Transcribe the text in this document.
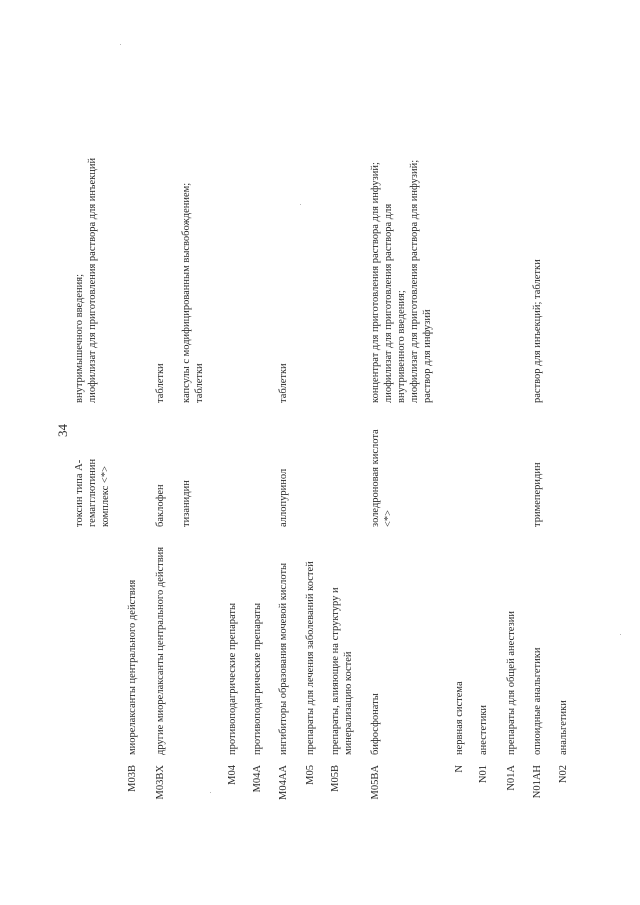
34
токсин типа А-гемагглютинин комплекс <*>
внутримышечного введения;
лиофилизат для приготовления раствора для инъекций
M03B
миорелаксанты центрального действия
M03BX
другие миорелаксанты центрального действия
баклофен
таблетки
тизанидин
капсулы с модифицированным высвобождением;
таблетки
M04
противоподагрические препараты
M04A
противоподагрические препараты
M04AA
ингибиторы образования мочевой кислоты
аллопуринол
таблетки
M05
препараты для лечения заболеваний костей
M05B
препараты, влияющие на структуру и
минерализацию костей
M05BA
бифосфонаты
золедроновая кислота
<*>
концентрат для приготовления раствора для инфузий;
лиофилизат для приготовления раствора для
внутривенного введения;
лиофилизат для приготовления раствора для инфузий;
раствор для инфузий
N
нервная система
N01
анестетики
N01A
препараты для общей анестезии
N01AH
опиоидные анальгетики
тримеперидин
раствор для инъекций; таблетки
N02
анальгетики
